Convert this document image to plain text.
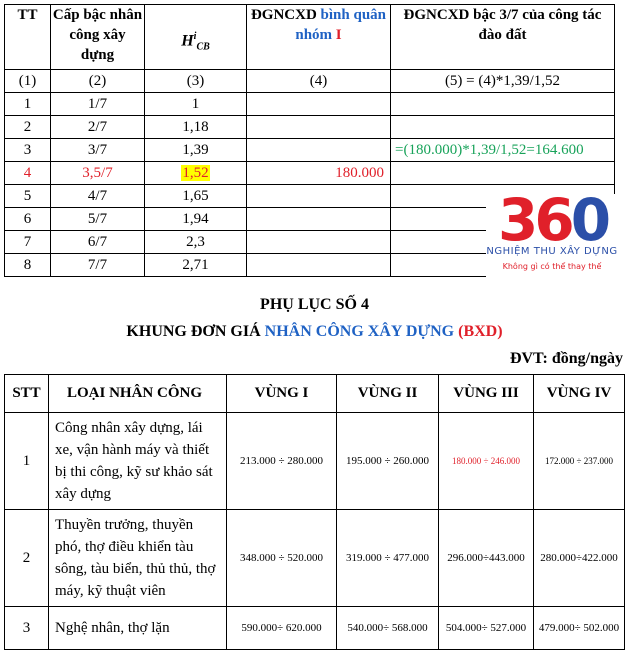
TT	Cấp bậc nhân công xây dựng	$H^i_{CB}$	ĐGNCXD bình quân nhóm I	ĐGNCXD bậc 3/7 của công tác đào đất
(1)	(2)	(3)	(4)	(5) = (4)*1,39/1,52
1	1/7	1		
2	2/7	1,18		
3	3/7	1,39		=(180.000)*1,39/1,52=164.600
4	3,5/7	1,52	180.000	
5	4/7	1,65		
6	5/7	1,94		
7	6/7	2,3		
8	7/7	2,71		
360
NGHIỆM THU XÂY DỰNG
Không gì có thể thay thế
PHỤ LỤC SỐ 4
KHUNG ĐƠN GIÁ NHÂN CÔNG XÂY DỰNG (BXD)
ĐVT: đồng/ngày
STT	LOẠI NHÂN CÔNG	VÙNG I	VÙNG II	VÙNG III	VÙNG IV
1	Công nhân xây dựng, lái xe, vận hành máy và thiết bị thi công, kỹ sư khảo sát xây dựng	213.000 ÷ 280.000	195.000 ÷ 260.000	180.000 ÷ 246.000	172.000 ÷ 237.000
2	Thuyền trưởng, thuyền phó, thợ điều khiển tàu sông, tàu biển, thủ thủ, thợ máy, kỹ thuật viên	348.000 ÷ 520.000	319.000 ÷ 477.000	296.000÷443.000	280.000÷422.000
3	Nghệ nhân, thợ lặn	590.000÷ 620.000	540.000÷ 568.000	504.000÷ 527.000	479.000÷ 502.000
